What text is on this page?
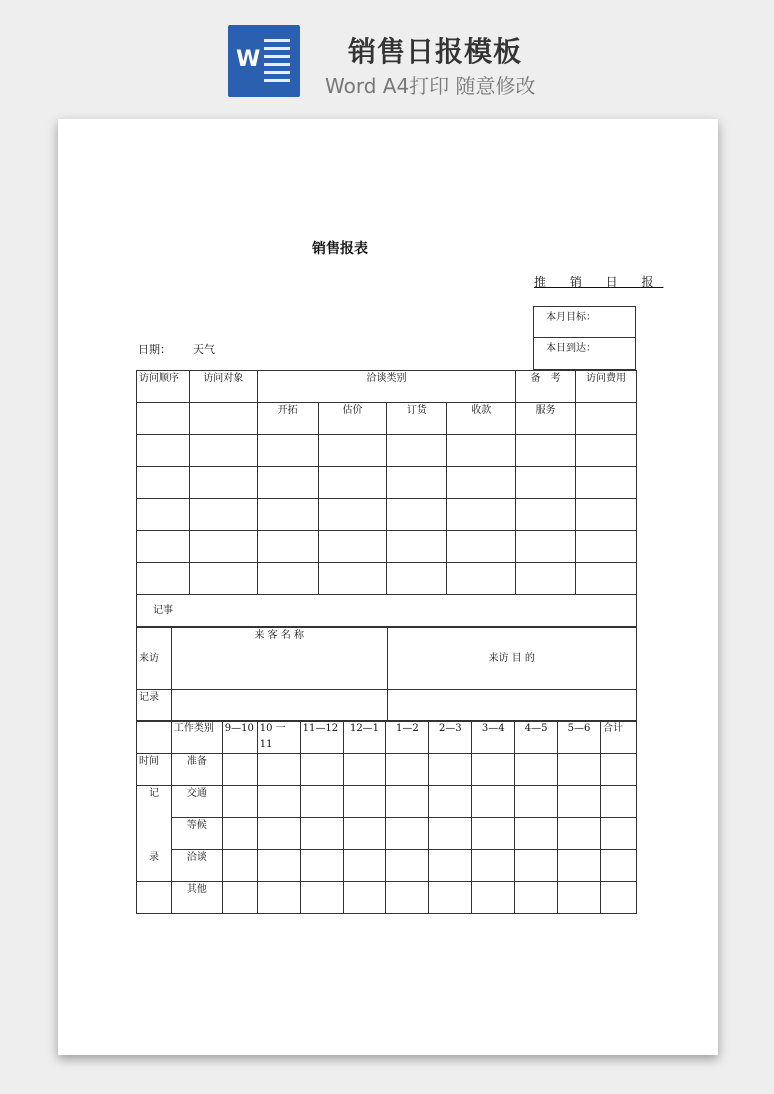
W	销售日报模板
Word A4打印 随意修改
销售报表
推 销 日 报
日期： 天气
本月目标：
本日到达：
访问顺序	访问对象	洽谈类别				备　考	访问费用
		开拓	估价	订货	收款	服务	

记事							
来访	来 客 名 称	来访 目 的
记录		
	工作类别	9—10	10 一 11	11—12	12—1	1—2	2—3	3—4	4—5	5—6	合计
时间	准备										
记	交通										
	等候										
录	洽谈										
	其他										
